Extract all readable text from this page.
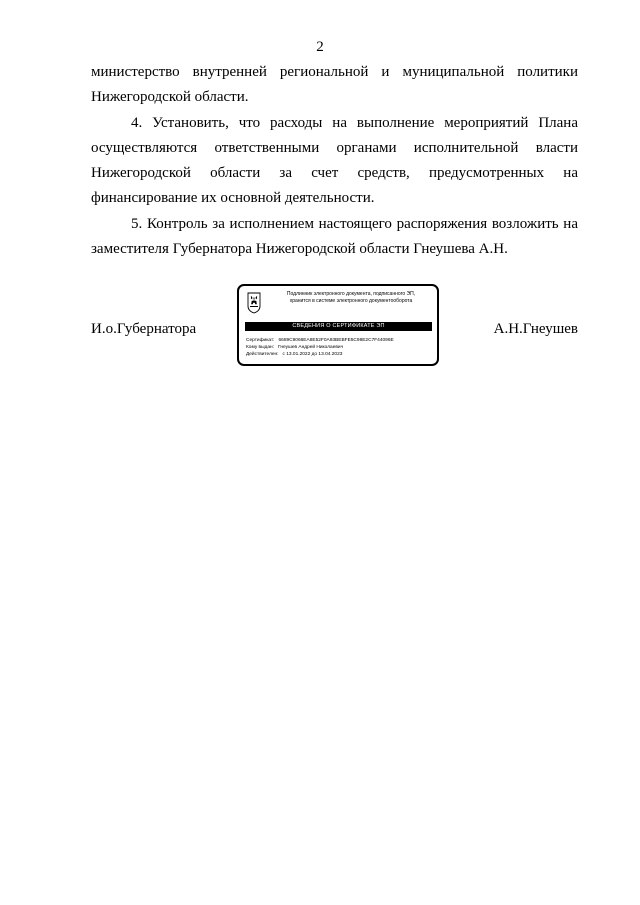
2

министерство внутренней региональной и муниципальной политики Нижегородской области.

4. Установить, что расходы на выполнение мероприятий Плана осуществляются ответственными органами исполнительной власти Нижегородской области за счет средств, предусмотренных на финансирование их основной деятельности.

5. Контроль за исполнением настоящего распоряжения возложить на заместителя Губернатора Нижегородской области Гнеушева А.Н.

И.о.Губернатора	А.Н.Гнеушев
Подлинник электронного документа, подписанного ЭП,
хранится в системе электронного документооборота
СВЕДЕНИЯ О СЕРТИФИКАТЕ ЭП
Сертификат: 6689C9066EA8E52F0A93BEBFE5C98E2C7F44096E
Кому выдан: Гнеушев Андрей Николаевич
Действителен: с 13.01.2022 до 13.04.2023
